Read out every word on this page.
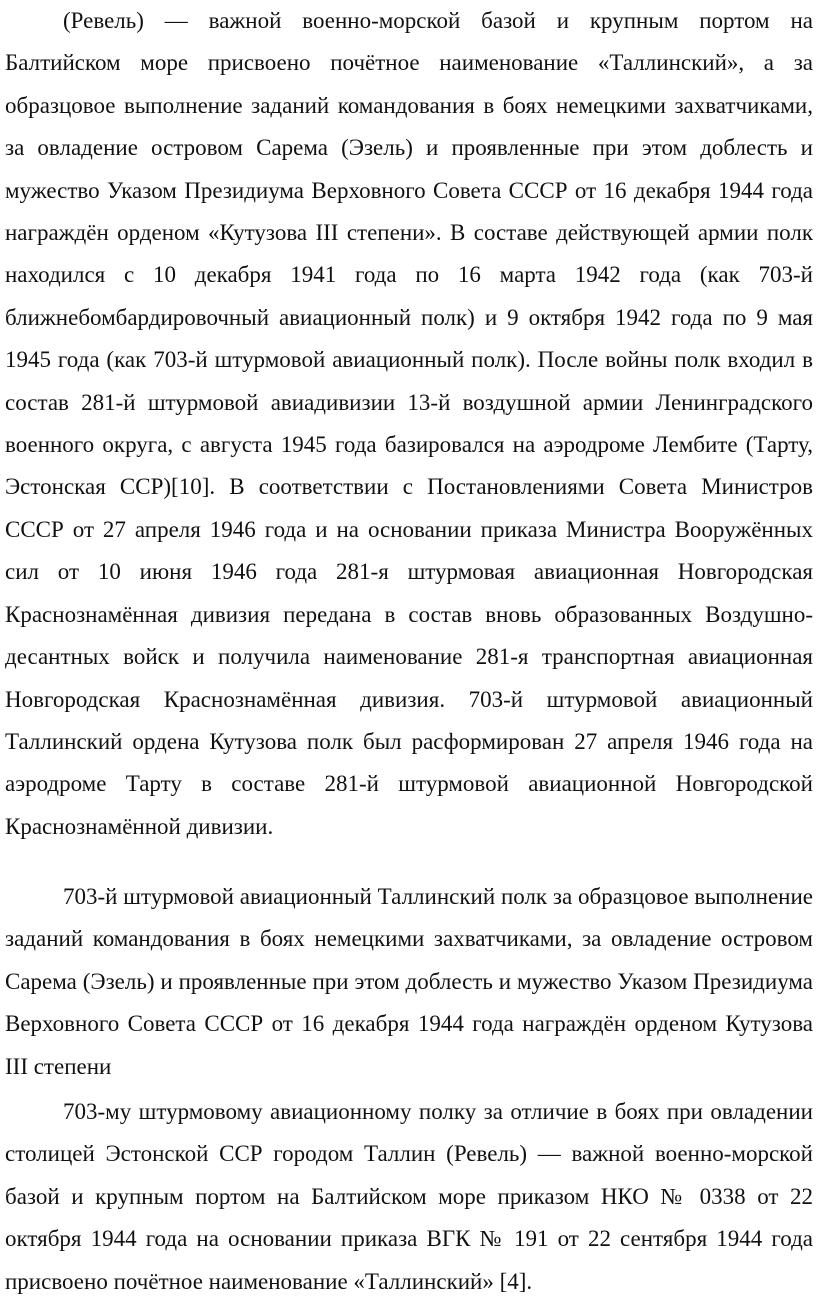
(Ревель) — важной военно-морской базой и крупным портом на Балтийском море присвоено почётное наименование «Таллинский», а за образцовое выполнение заданий командования в боях немецкими захватчиками, за овладение островом Сарема (Эзель) и проявленные при этом доблесть и мужество Указом Президиума Верховного Совета СССР от 16 декабря 1944 года награждён орденом «Кутузова III степени». В составе действующей армии полк находился с 10 декабря 1941 года по 16 марта 1942 года (как 703-й ближнебомбардировочный авиационный полк) и 9 октября 1942 года по 9 мая 1945 года (как 703-й штурмовой авиационный полк). После войны полк входил в состав 281-й штурмовой авиадивизии 13-й воздушной армии Ленинградского военного округа, с августа 1945 года базировался на аэродроме Лембите (Тарту, Эстонская ССР)[10]. В соответствии с Постановлениями Совета Министров СССР от 27 апреля 1946 года и на основании приказа Министра Вооружённых сил от 10 июня 1946 года 281-я штурмовая авиационная Новгородская Краснознамённая дивизия передана в состав вновь образованных Воздушно-десантных войск и получила наименование 281-я транспортная авиационная Новгородская Краснознамённая дивизия. 703-й штурмовой авиационный Таллинский ордена Кутузова полк был расформирован 27 апреля 1946 года на аэродроме Тарту в составе 281-й штурмовой авиационной Новгородской Краснознамённой дивизии.

703-й штурмовой авиационный Таллинский полк за образцовое выполнение заданий командования в боях немецкими захватчиками, за овладение островом Сарема (Эзель) и проявленные при этом доблесть и мужество Указом Президиума Верховного Совета СССР от 16 декабря 1944 года награждён орденом Кутузова III степени

703-му штурмовому авиационному полку за отличие в боях при овладении столицей Эстонской ССР городом Таллин (Ревель) — важной военно-морской базой и крупным портом на Балтийском море приказом НКО № 0338 от 22 октября 1944 года на основании приказа ВГК № 191 от 22 сентября 1944 года присвоено почётное наименование «Таллинский» [4].
